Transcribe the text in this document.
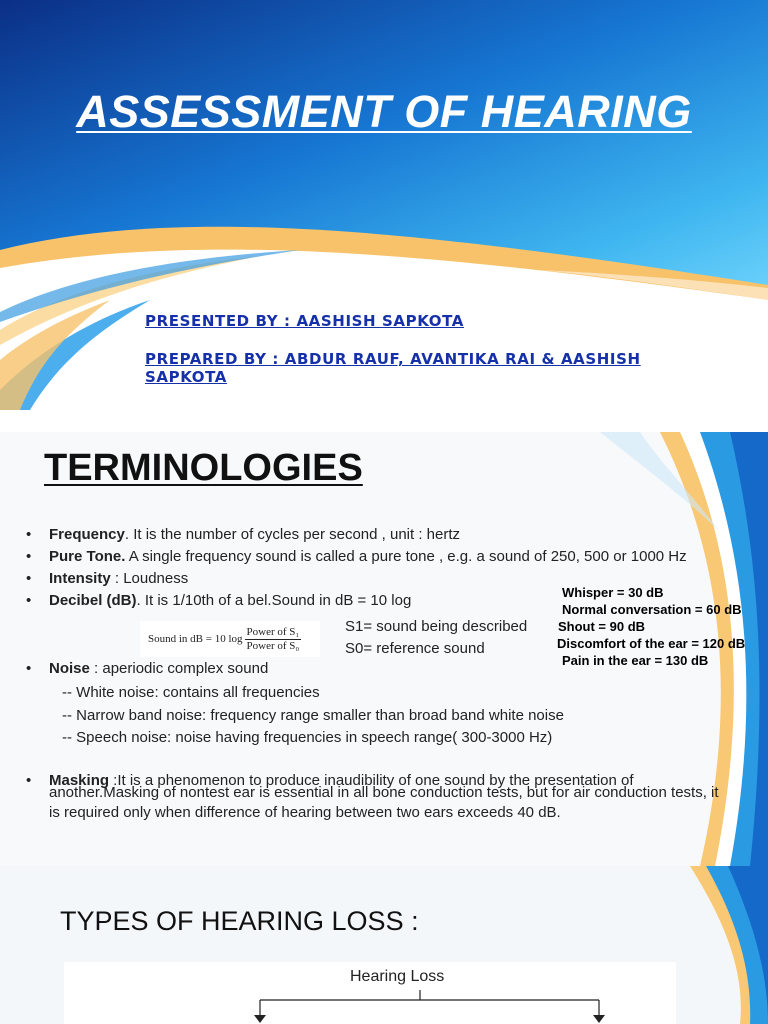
ASSESSMENT OF HEARING
PRESENTED BY : AASHISH SAPKOTA
PREPARED BY : ABDUR RAUF, AVANTIKA RAI & AASHISH SAPKOTA
TERMINOLOGIES
• Frequency. It is the number of cycles per second , unit : hertz
• Pure Tone. A single frequency sound is called a pure tone , e.g. a sound of 250, 500 or 1000 Hz
• Intensity : Loudness
• Decibel (dB). It is 1/10th of a bel.Sound in dB = 10 log
• Noise : aperiodic complex sound
• Masking :It is a phenomenon to produce inaudibility of one sound by the presentation of
Sound in dB = 10 $\log \frac{\text{Power of S₁}}{\text{Power of S₀}}$	S1= sound being described
S0= reference sound
-- White noise: contains all frequencies
-- Narrow band noise: frequency range smaller than broad band white noise
-- Speech noise: noise having frequencies in speech range( 300-3000 Hz)
another.Masking of nontest ear is essential in all bone conduction tests, but for air conduction tests, it is required only when difference of hearing between two ears exceeds 40 dB.
Whisper = 30 dB
Normal conversation = 60 dB
Shout = 90 dB
Discomfort of the ear = 120 dB
Pain in the ear = 130 dB
TYPES OF HEARING LOSS :
Hearing Loss
